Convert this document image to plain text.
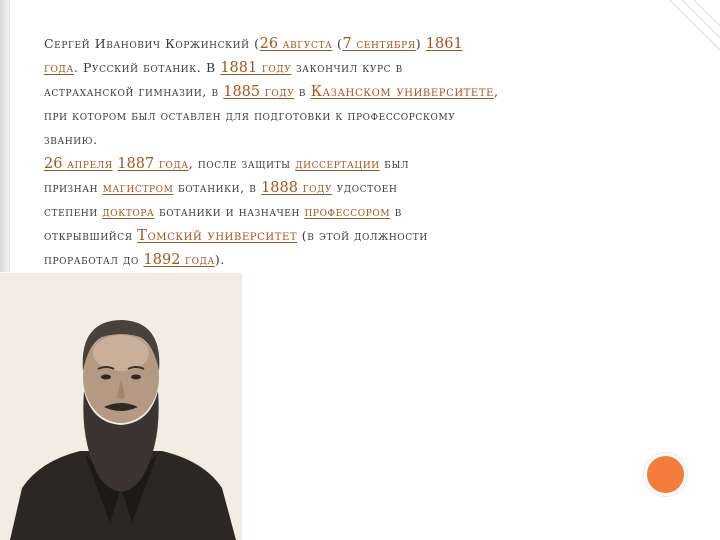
Сергей Иванович Коржинский (26 августа (7 сентября) 1861
года. Русский ботаник. В 1881 году закончил курс в
астраханской гимназии, в 1885 году в Казанском университете,
при котором был оставлен для подготовки к профессорскому
званию.
26 апреля 1887 года, после защиты диссертации был
признан магистром ботаники, в 1888 году удостоен
степени доктора ботаники и назначен профессором в
открывшийся Томский университет (в этой должности
проработал до 1892 года).
